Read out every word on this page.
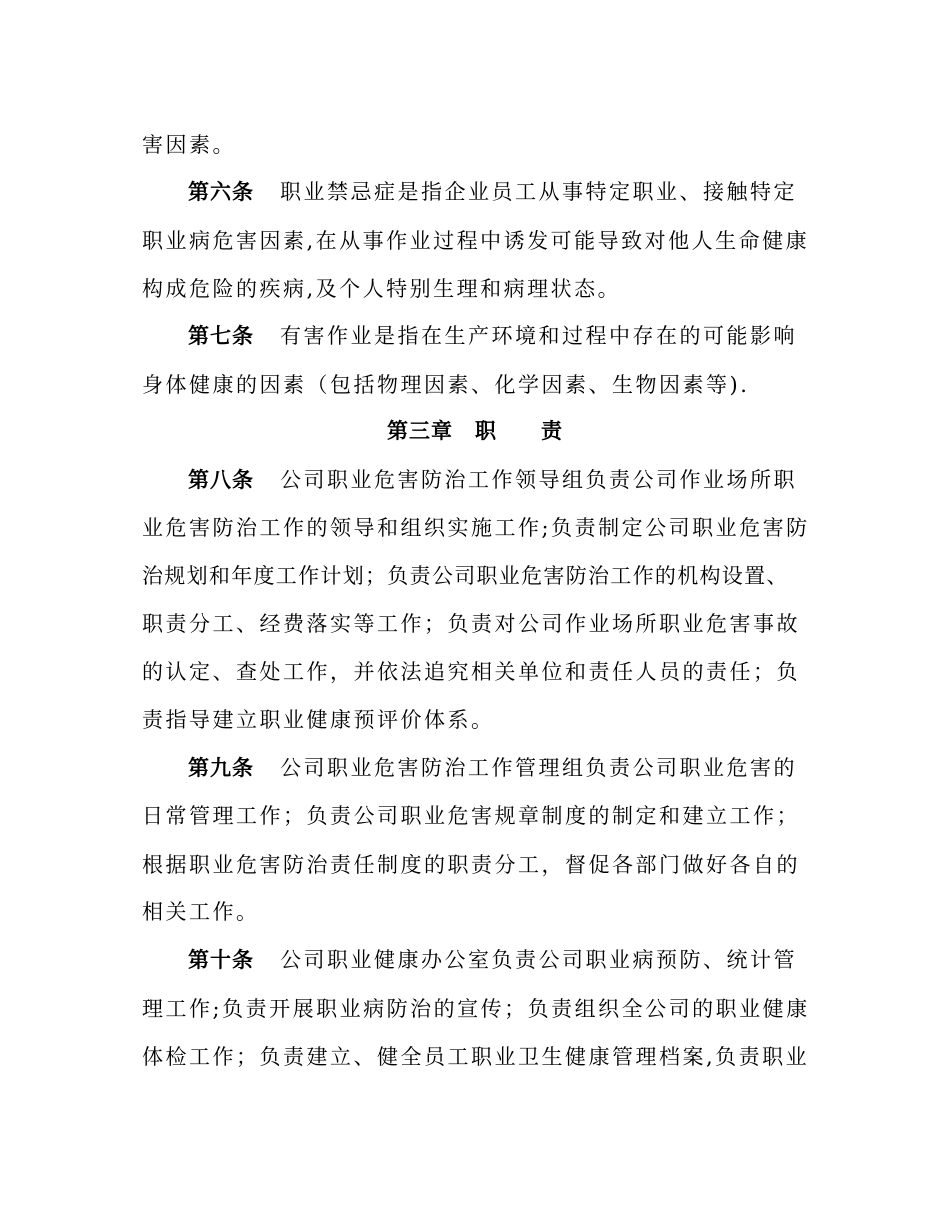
害因素。
第六条 职业禁忌症是指企业员工从事特定职业、接触特定
职业病危害因素,在从事作业过程中诱发可能导致对他人生命健康
构成危险的疾病,及个人特别生理和病理状态。
第七条 有害作业是指在生产环境和过程中存在的可能影响
身体健康的因素（包括物理因素、化学因素、生物因素等).
第三章　职　　责
第八条 公司职业危害防治工作领导组负责公司作业场所职
业危害防治工作的领导和组织实施工作;负责制定公司职业危害防
治规划和年度工作计划；负责公司职业危害防治工作的机构设置、
职责分工、经费落实等工作；负责对公司作业场所职业危害事故
的认定、查处工作，并依法追究相关单位和责任人员的责任；负
责指导建立职业健康预评价体系。
第九条 公司职业危害防治工作管理组负责公司职业危害的
日常管理工作；负责公司职业危害规章制度的制定和建立工作；
根据职业危害防治责任制度的职责分工，督促各部门做好各自的
相关工作。
第十条 公司职业健康办公室负责公司职业病预防、统计管
理工作;负责开展职业病防治的宣传；负责组织全公司的职业健康
体检工作；负责建立、健全员工职业卫生健康管理档案,负责职业
